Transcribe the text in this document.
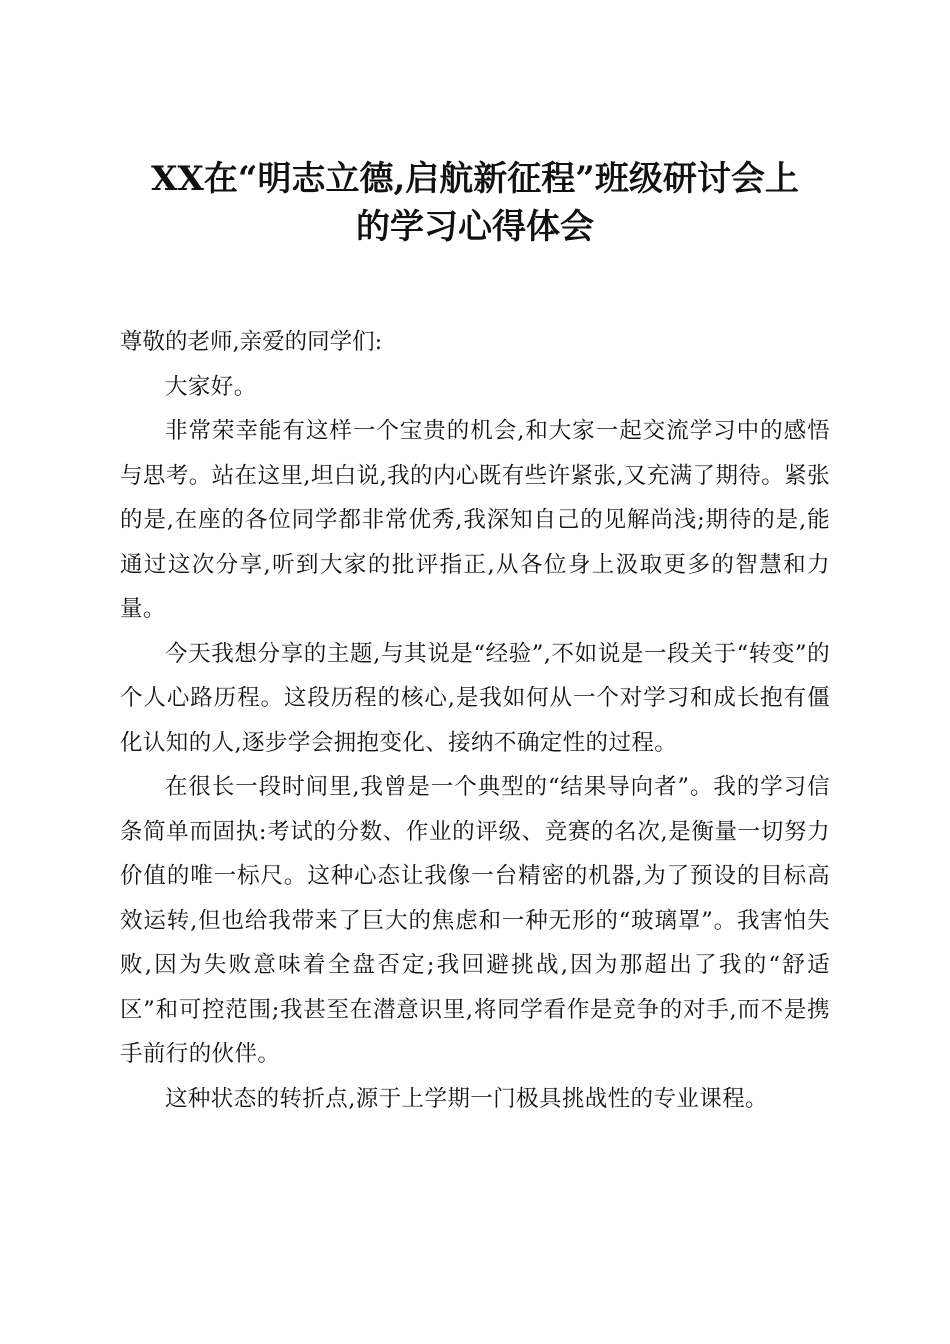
XX在“明志立德,启航新征程”班级研讨会上
的学习心得体会

尊敬的老师,亲爱的同学们:

大家好。

非常荣幸能有这样一个宝贵的机会,和大家一起交流学习中的感悟与思考。站在这里,坦白说,我的内心既有些许紧张,又充满了期待。紧张的是,在座的各位同学都非常优秀,我深知自己的见解尚浅;期待的是,能通过这次分享,听到大家的批评指正,从各位身上汲取更多的智慧和力量。

今天我想分享的主题,与其说是“经验”,不如说是一段关于“转变”的个人心路历程。这段历程的核心,是我如何从一个对学习和成长抱有僵化认知的人,逐步学会拥抱变化、接纳不确定性的过程。

在很长一段时间里,我曾是一个典型的“结果导向者”。我的学习信条简单而固执:考试的分数、作业的评级、竞赛的名次,是衡量一切努力价值的唯一标尺。这种心态让我像一台精密的机器,为了预设的目标高效运转,但也给我带来了巨大的焦虑和一种无形的“玻璃罩”。我害怕失败,因为失败意味着全盘否定;我回避挑战,因为那超出了我的“舒适区”和可控范围;我甚至在潜意识里,将同学看作是竞争的对手,而不是携手前行的伙伴。

这种状态的转折点,源于上学期一门极具挑战性的专业课程。
